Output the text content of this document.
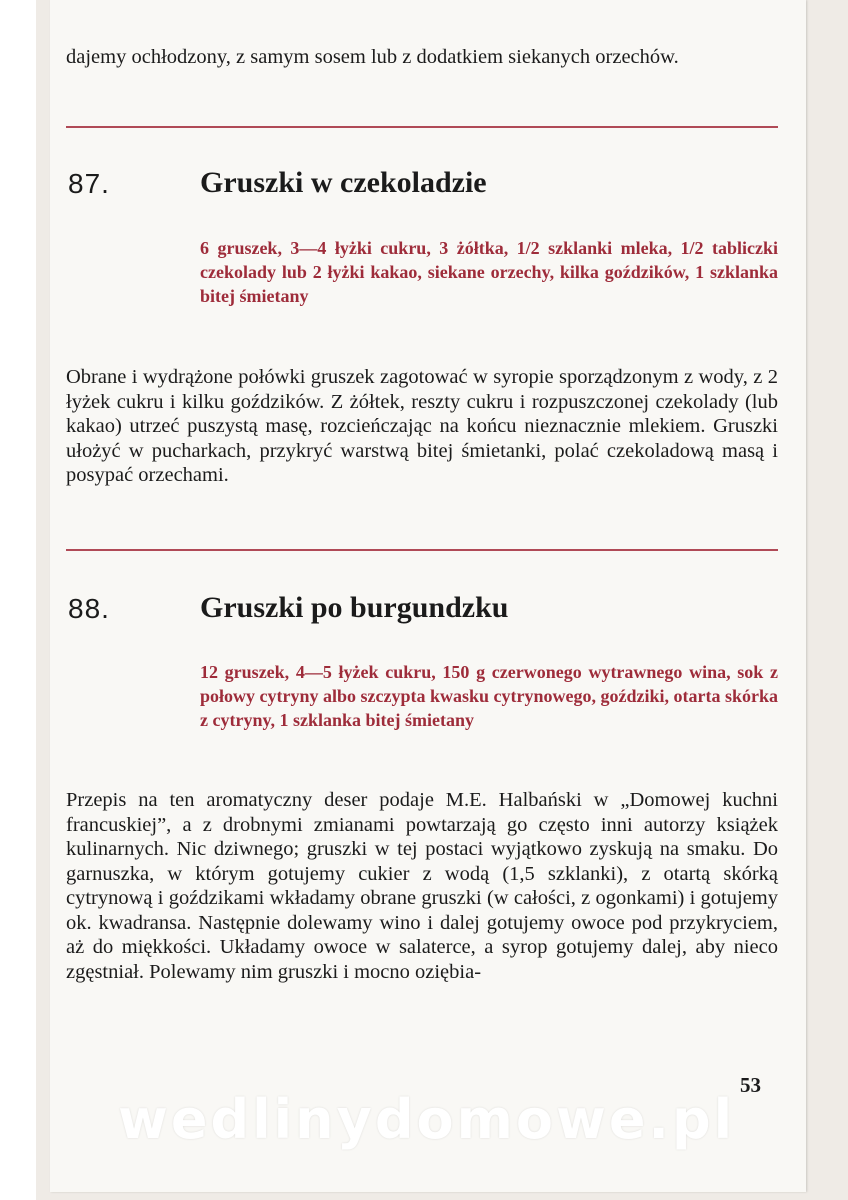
dajemy ochłodzony, z samym sosem lub z dodatkiem siekanych orzechów.

87.	Gruszki w czekoladzie

6 gruszek, 3—4 łyżki cukru, 3 żółtka, 1/2 szklanki mleka, 1/2 tabliczki czekolady lub 2 łyżki kakao, siekane orzechy, kilka goździków, 1 szklanka bitej śmietany

Obrane i wydrążone połówki gruszek zagotować w syropie sporządzonym z wody, z 2 łyżek cukru i kilku goździków. Z żółtek, reszty cukru i rozpuszczonej czekolady (lub kakao) utrzeć puszystą masę, rozcieńczając na końcu nieznacznie mlekiem. Gruszki ułożyć w pucharkach, przykryć warstwą bitej śmietanki, polać czekoladową masą i posypać orzechami.

88.	Gruszki po burgundzku

12 gruszek, 4—5 łyżek cukru, 150 g czerwonego wytrawnego wina, sok z połowy cytryny albo szczypta kwasku cytrynowego, goździki, otarta skórka z cytryny, 1 szklanka bitej śmietany

Przepis na ten aromatyczny deser podaje M.E. Halbański w „Domowej kuchni francuskiej”, a z drobnymi zmianami powtarzają go często inni autorzy książek kulinarnych. Nic dziwnego; gruszki w tej postaci wyjątkowo zyskują na smaku. Do garnuszka, w którym gotujemy cukier z wodą (1,5 szklanki), z otartą skórką cytrynową i goździkami wkładamy obrane gruszki (w całości, z ogonkami) i gotujemy ok. kwadransa. Następnie dolewamy wino i dalej gotujemy owoce pod przykryciem, aż do miękkości. Układamy owoce w salaterce, a syrop gotujemy dalej, aby nieco zgęstniał. Polewamy nim gruszki i mocno oziębia-

53
wedlinydomowe.pl
